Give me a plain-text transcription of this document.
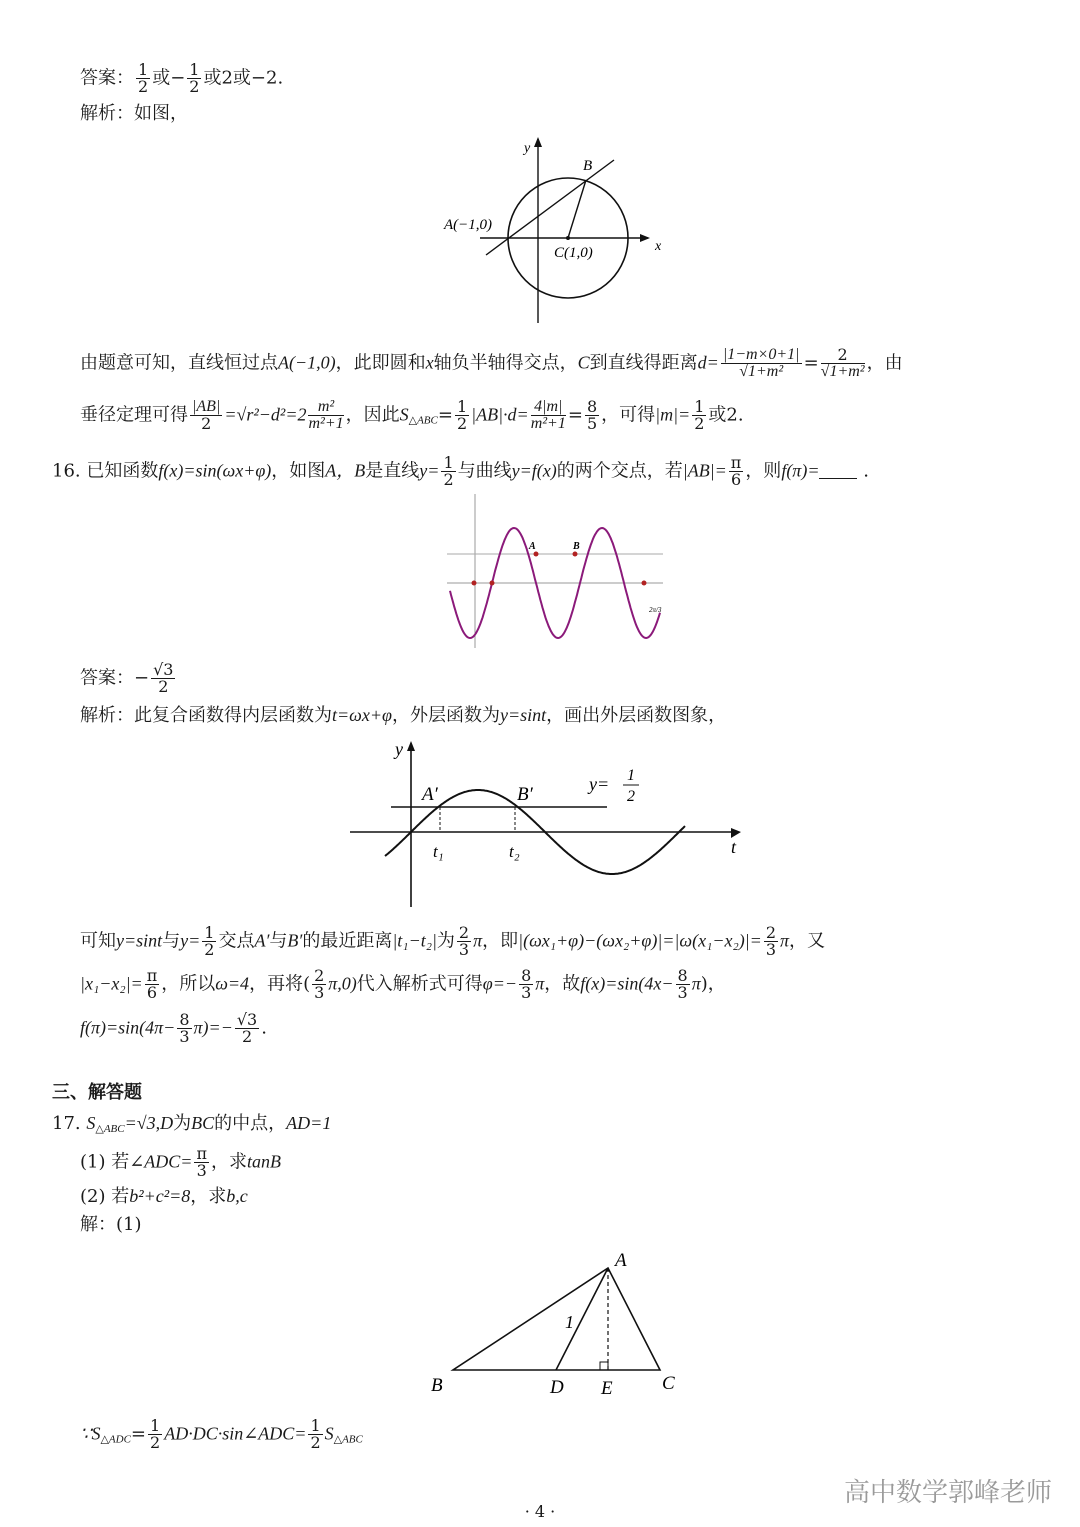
答案： $\frac{1}{2}$ 或− $\frac{1}{2}$ 或2或−2.
解析：如图，
y
x
B
A(−1,0)
C(1,0)
由题意可知，直线恒过点A(−1,0)，此即圆和x轴负半轴得交点，C到直线得距离$d= \frac{|1-m\times 0+1|}{\text{√1+m²}} = \frac{2}{\text{√1+m²}}$ ，由
垂径定理可得 $\frac{|AB|}{2} =√r^2-d^2=2 \frac{\text{m²}}{\text{m²+1}}$ ，因此$S_{\triangle ABC}= \frac{1}{2} |AB|\cdot d= \frac{4|m|}{\text{m²+1}} = \frac{8}{5}$ ，可得$|m|= \frac{1}{2}$ 或2.
16. 已知函数f(x)=sin(ωx+φ)，如图A，B是直线$y= \frac{1}{2}$ 与曲线y=f(x)的两个交点，若$|AB|= \frac{\pi}{6}$ ，则f(π)= .
A	B
2π/3
答案：− $\frac{√3}{2}$
解析：此复合函数得内层函数为t=ωx+φ，外层函数为y=sint，画出外层函数图象，
y
t
A′	B′
t₁	t₂
y= 1
2
可知y=sint与$y= \frac{1}{2}$ 交点A′与B′的最近距离|t₁−t₂|为 $\frac{2}{3}$ π，即$|(\omega x_1+\varphi)-(\omega x_2+\varphi)|=|\omega(x_1-x_2)|= \frac{2}{3}$ π，又
$|x_1-x_2|= \frac{\pi}{6}$ ，所以ω=4，再将( $\frac{2}{3} \pi,0$)代入解析式可得$\varphi=- \frac{8}{3}$ π，故$f(x)=\sin(4x- \frac{8}{3} \pi)$，
$f(\pi)=\sin(4\pi- \frac{8}{3} \pi)=- \frac{√3}{2}$ .
三、解答题
17. $S_{\triangle ABC}=√3,D$为BC的中点，AD=1
(1) 若∠ADC= $\frac{\pi}{3}$ ，求tanB
(2) 若b²+c²=8，求b,c
解：(1)
A
B	C
D E
1
$\because S_{\triangle ADC}= \frac{1}{2}$ AD·DC·sin∠ADC= $\frac{1}{2} S_{\triangle ABC}$
高中数学郭峰老师
· 4 ·
